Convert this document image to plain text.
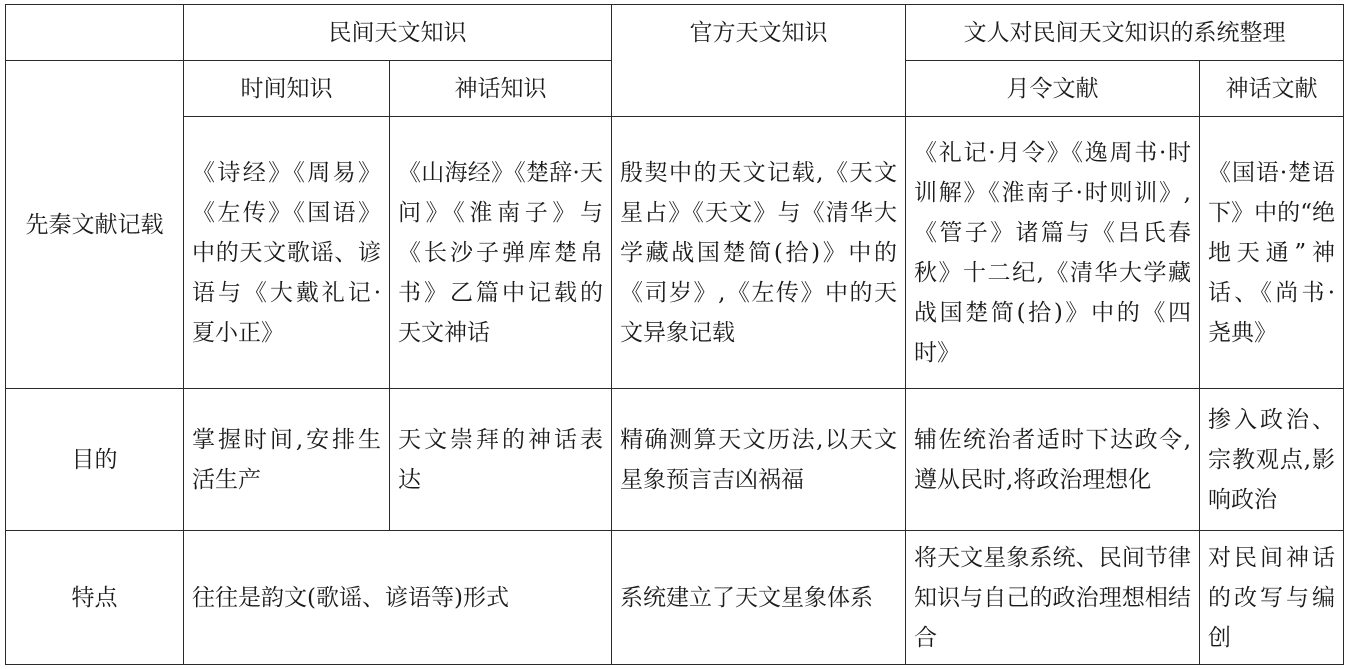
	民间天文知识		官方天文知识	文人对民间天文知识的系统整理	
先秦文献记载	时间知识	神话知识		月令文献	神话文献
	《诗经》《周易》《左传》《国语》中的天文歌谣、谚语与《大戴礼记·夏小正》	《山海经》《楚辞·天问》《淮南子》与《长沙子弹库楚帛书》乙篇中记载的天文神话	殷契中的天文记载,《天文星占》《天文》与《清华大学藏战国楚简(拾)》中的《司岁》,《左传》中的天文异象记载	《礼记·月令》《逸周书·时训解》《淮南子·时则训》,《管子》诸篇与《吕氏春秋》十二纪,《清华大学藏战国楚简(拾)》中的《四时》	《国语·楚语下》中的“绝地天通”神话、《尚书·尧典》
目的	掌握时间,安排生活生产	天文崇拜的神话表达	精确测算天文历法,以天文星象预言吉凶祸福	辅佐统治者适时下达政令,遵从民时,将政治理想化	掺入政治、宗教观点,影响政治
特点	往往是韵文(歌谣、谚语等)形式		系统建立了天文星象体系	将天文星象系统、民间节律知识与自己的政治理想相结合	对民间神话的改写与编创
